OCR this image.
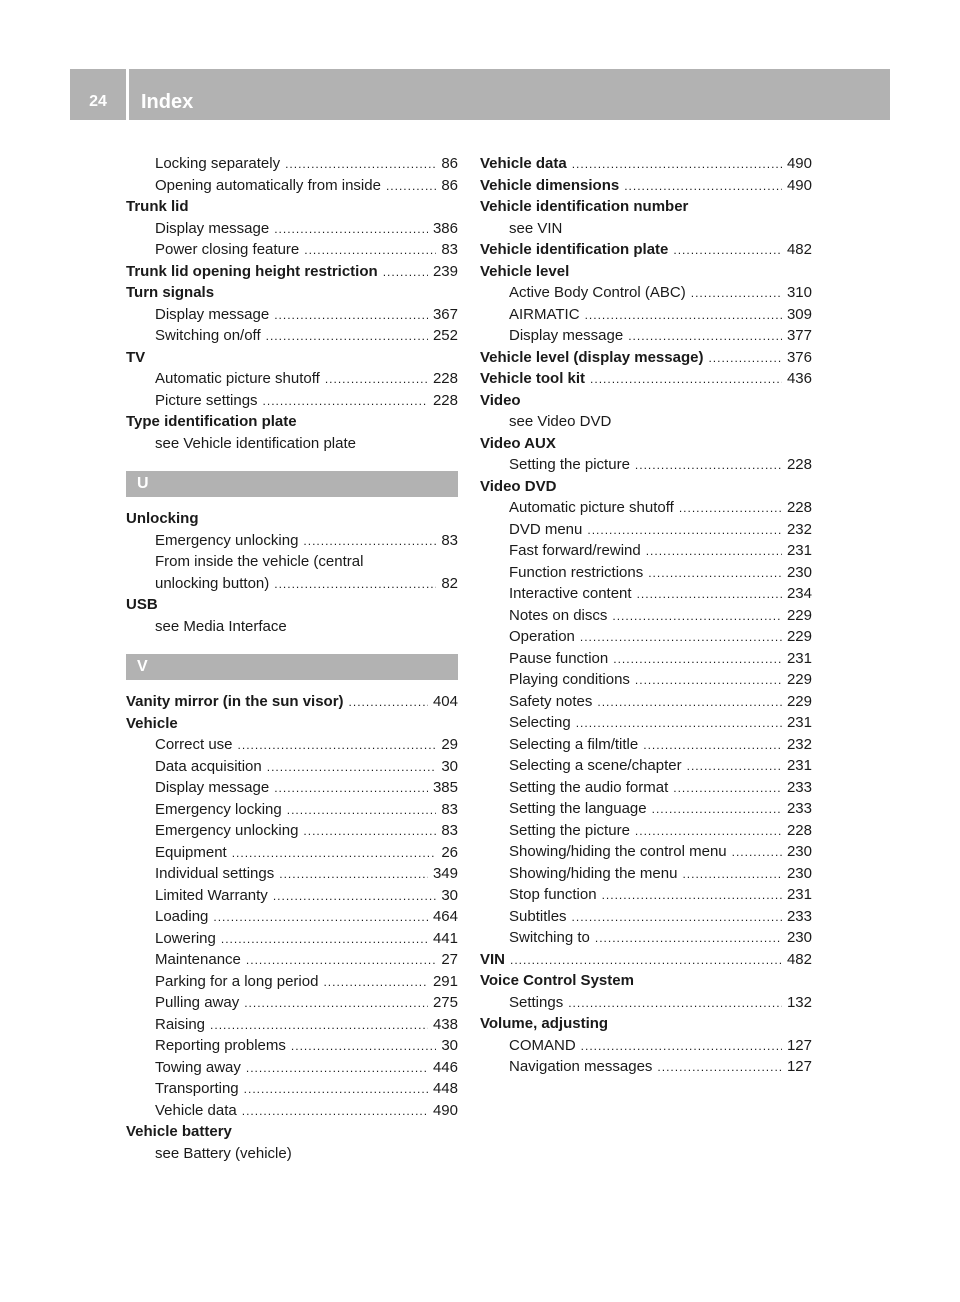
24	Index
Locking separately .....	86
Opening automatically from inside .....	86
Trunk lid
Display message .....	386
Power closing feature .....	83
Trunk lid opening height restriction .....	239
Turn signals
Display message .....	367
Switching on/off .....	252
TV
Automatic picture shutoff .....	228
Picture settings .....	228
Type identification plate
see Vehicle identification plate
U
Unlocking
Emergency unlocking .....	83
From inside the vehicle (central
unlocking button) .....	82
USB
see Media Interface
V
Vanity mirror (in the sun visor) .....	404
Vehicle
Correct use .....	29
Data acquisition .....	30
Display message .....	385
Emergency locking .....	83
Emergency unlocking .....	83
Equipment .....	26
Individual settings .....	349
Limited Warranty .....	30
Loading .....	464
Lowering .....	441
Maintenance .....	27
Parking for a long period .....	291
Pulling away .....	275
Raising .....	438
Reporting problems .....	30
Towing away .....	446
Transporting .....	448
Vehicle data .....	490
Vehicle battery
see Battery (vehicle)
Vehicle data .....	490
Vehicle dimensions .....	490
Vehicle identification number
see VIN
Vehicle identification plate .....	482
Vehicle level
Active Body Control (ABC) .....	310
AIRMATIC .....	309
Display message .....	377
Vehicle level (display message) .....	376
Vehicle tool kit .....	436
Video
see Video DVD
Video AUX
Setting the picture .....	228
Video DVD
Automatic picture shutoff .....	228
DVD menu .....	232
Fast forward/rewind .....	231
Function restrictions .....	230
Interactive content .....	234
Notes on discs .....	229
Operation .....	229
Pause function .....	231
Playing conditions .....	229
Safety notes .....	229
Selecting .....	231
Selecting a film/title .....	232
Selecting a scene/chapter .....	231
Setting the audio format .....	233
Setting the language .....	233
Setting the picture .....	228
Showing/hiding the control menu .....	230
Showing/hiding the menu .....	230
Stop function .....	231
Subtitles .....	233
Switching to .....	230
VIN .....	482
Voice Control System
Settings .....	132
Volume, adjusting
COMAND .....	127
Navigation messages .....	127
